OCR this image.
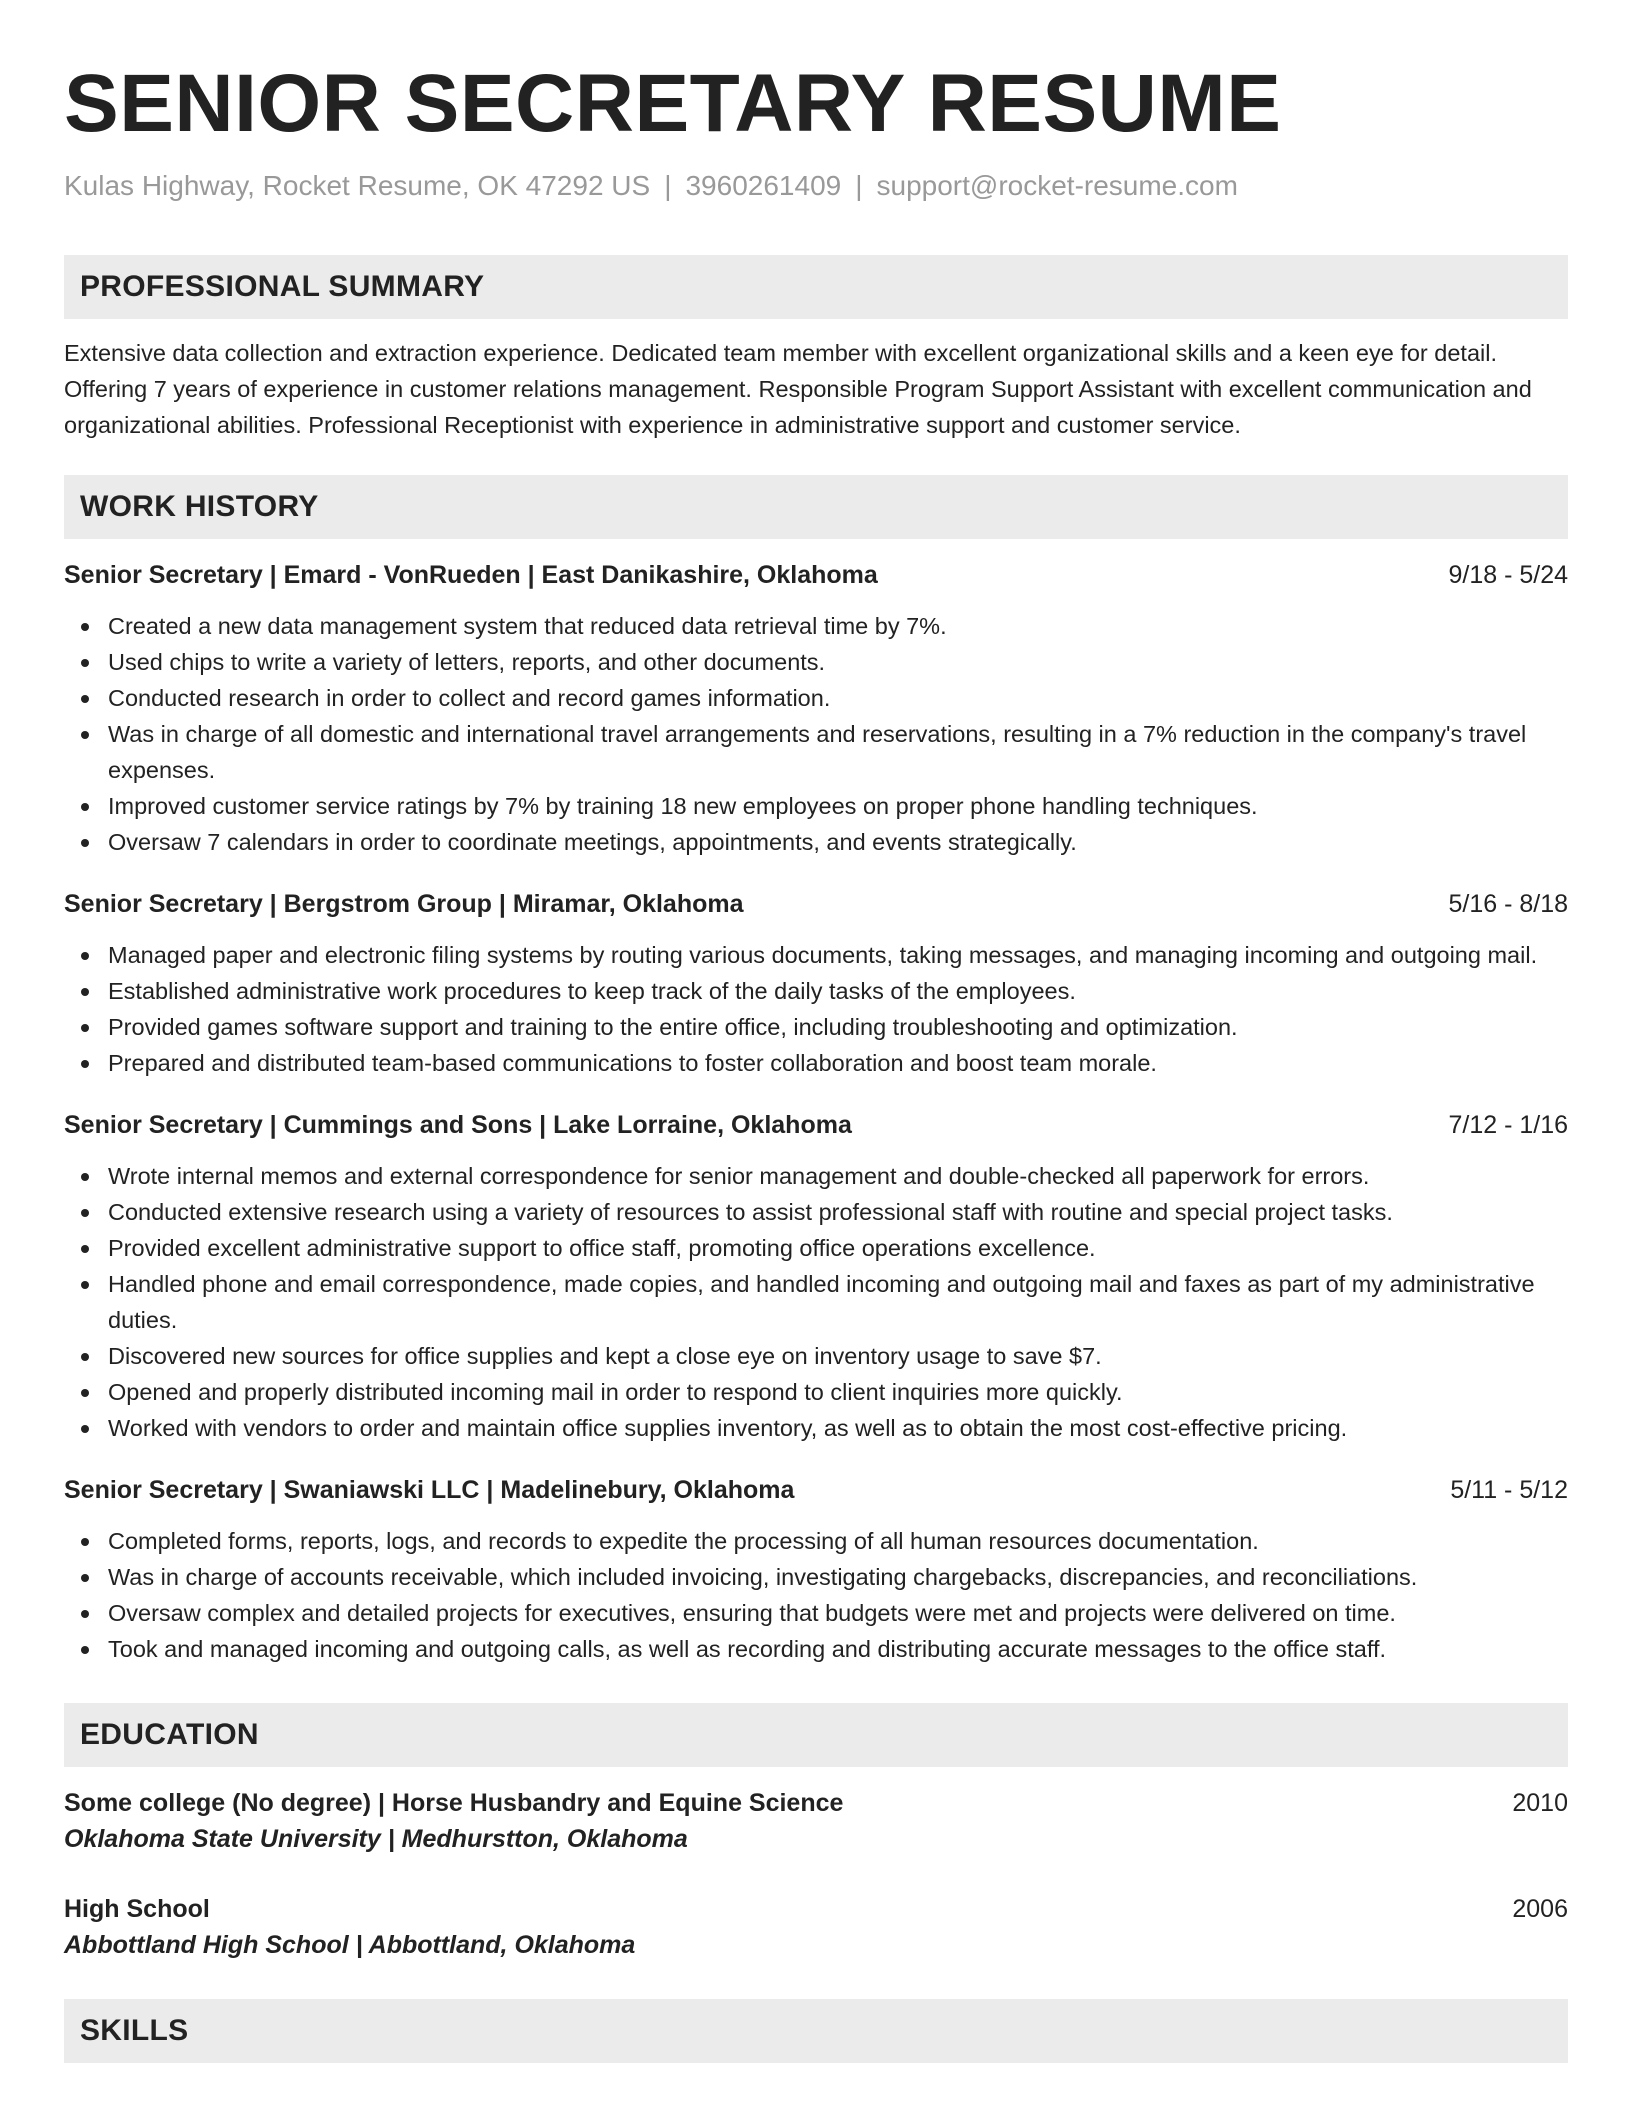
SENIOR SECRETARY RESUME
Kulas Highway, Rocket Resume, OK 47292 US | 3960261409 | support@rocket-resume.com
PROFESSIONAL SUMMARY

Extensive data collection and extraction experience. Dedicated team member with excellent organizational skills and a keen eye for detail. Offering 7 years of experience in customer relations management. Responsible Program Support Assistant with excellent communication and organizational abilities. Professional Receptionist with experience in administrative support and customer service.

WORK HISTORY
Senior Secretary | Emard - VonRueden | East Danikashire, Oklahoma	9/18 - 5/24
Created a new data management system that reduced data retrieval time by 7%.
Used chips to write a variety of letters, reports, and other documents.
Conducted research in order to collect and record games information.
Was in charge of all domestic and international travel arrangements and reservations, resulting in a 7% reduction in the company's travel expenses.
Improved customer service ratings by 7% by training 18 new employees on proper phone handling techniques.
Oversaw 7 calendars in order to coordinate meetings, appointments, and events strategically.
Senior Secretary | Bergstrom Group | Miramar, Oklahoma	5/16 - 8/18
Managed paper and electronic filing systems by routing various documents, taking messages, and managing incoming and outgoing mail.
Established administrative work procedures to keep track of the daily tasks of the employees.
Provided games software support and training to the entire office, including troubleshooting and optimization.
Prepared and distributed team-based communications to foster collaboration and boost team morale.
Senior Secretary | Cummings and Sons | Lake Lorraine, Oklahoma	7/12 - 1/16
Wrote internal memos and external correspondence for senior management and double-checked all paperwork for errors.
Conducted extensive research using a variety of resources to assist professional staff with routine and special project tasks.
Provided excellent administrative support to office staff, promoting office operations excellence.
Handled phone and email correspondence, made copies, and handled incoming and outgoing mail and faxes as part of my administrative duties.
Discovered new sources for office supplies and kept a close eye on inventory usage to save $7.
Opened and properly distributed incoming mail in order to respond to client inquiries more quickly.
Worked with vendors to order and maintain office supplies inventory, as well as to obtain the most cost-effective pricing.
Senior Secretary | Swaniawski LLC | Madelinebury, Oklahoma	5/11 - 5/12
Completed forms, reports, logs, and records to expedite the processing of all human resources documentation.
Was in charge of accounts receivable, which included invoicing, investigating chargebacks, discrepancies, and reconciliations.
Oversaw complex and detailed projects for executives, ensuring that budgets were met and projects were delivered on time.
Took and managed incoming and outgoing calls, as well as recording and distributing accurate messages to the office staff.
EDUCATION
Some college (No degree) | Horse Husbandry and Equine Science	2010
Oklahoma State University | Medhurstton, Oklahoma
High School	2006
Abbottland High School | Abbottland, Oklahoma
SKILLS
